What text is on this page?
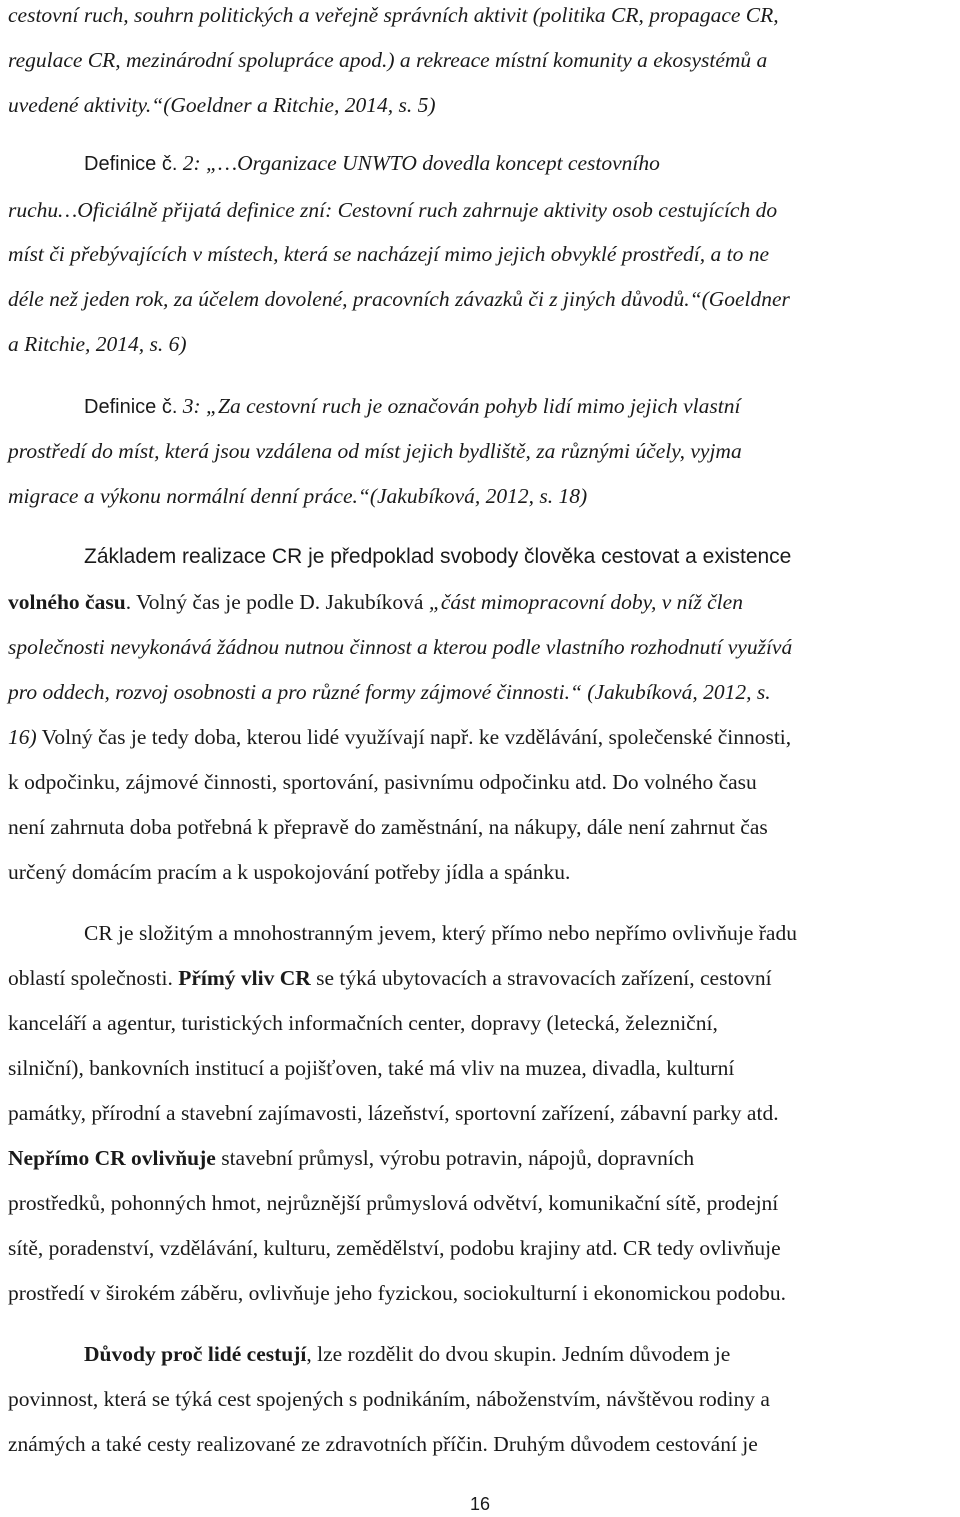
cestovní ruch, souhrn politických a veřejně správních aktivit (politika CR, propagace CR,
regulace CR, mezinárodní spolupráce apod.) a rekreace místní komunity a ekosystémů a
uvedené aktivity.“(Goeldner a Ritchie, 2014, s. 5)
Definice č. 2: „…Organizace UNWTO dovedla koncept cestovního
ruchu…Oficiálně přijatá definice zní: Cestovní ruch zahrnuje aktivity osob cestujících do
míst či přebývajících v místech, která se nacházejí mimo jejich obvyklé prostředí, a to ne
déle než jeden rok, za účelem dovolené, pracovních závazků či z jiných důvodů.“(Goeldner
a Ritchie, 2014, s. 6)
Definice č. 3: „Za cestovní ruch je označován pohyb lidí mimo jejich vlastní
prostředí do míst, která jsou vzdálena od míst jejich bydliště, za různými účely, vyjma
migrace a výkonu normální denní práce.“(Jakubíková, 2012, s. 18)
Základem realizace CR je předpoklad svobody člověka cestovat a existence
volného času. Volný čas je podle D. Jakubíková „část mimopracovní doby, v níž člen
společnosti nevykonává žádnou nutnou činnost a kterou podle vlastního rozhodnutí využívá
pro oddech, rozvoj osobnosti a pro různé formy zájmové činnosti.“ (Jakubíková, 2012, s.
16) Volný čas je tedy doba, kterou lidé využívají např. ke vzdělávání, společenské činnosti,
k odpočinku, zájmové činnosti, sportování, pasivnímu odpočinku atd. Do volného času
není zahrnuta doba potřebná k přepravě do zaměstnání, na nákupy, dále není zahrnut čas
určený domácím pracím a k uspokojování potřeby jídla a spánku.
CR je složitým a mnohostranným jevem, který přímo nebo nepřímo ovlivňuje řadu
oblastí společnosti. Přímý vliv CR se týká ubytovacích a stravovacích zařízení, cestovní
kanceláří a agentur, turistických informačních center, dopravy (letecká, železniční,
silniční), bankovních institucí a pojišťoven, také má vliv na muzea, divadla, kulturní
památky, přírodní a stavební zajímavosti, lázeňství, sportovní zařízení, zábavní parky atd.
Nepřímo CR ovlivňuje stavební průmysl, výrobu potravin, nápojů, dopravních
prostředků, pohonných hmot, nejrůznější průmyslová odvětví, komunikační sítě, prodejní
sítě, poradenství, vzdělávání, kulturu, zemědělství, podobu krajiny atd. CR tedy ovlivňuje
prostředí v širokém záběru, ovlivňuje jeho fyzickou, sociokulturní i ekonomickou podobu.
Důvody proč lidé cestují, lze rozdělit do dvou skupin. Jedním důvodem je
povinnost, která se týká cest spojených s podnikáním, náboženstvím, návštěvou rodiny a
známých a také cesty realizované ze zdravotních příčin. Druhým důvodem cestování je
16
